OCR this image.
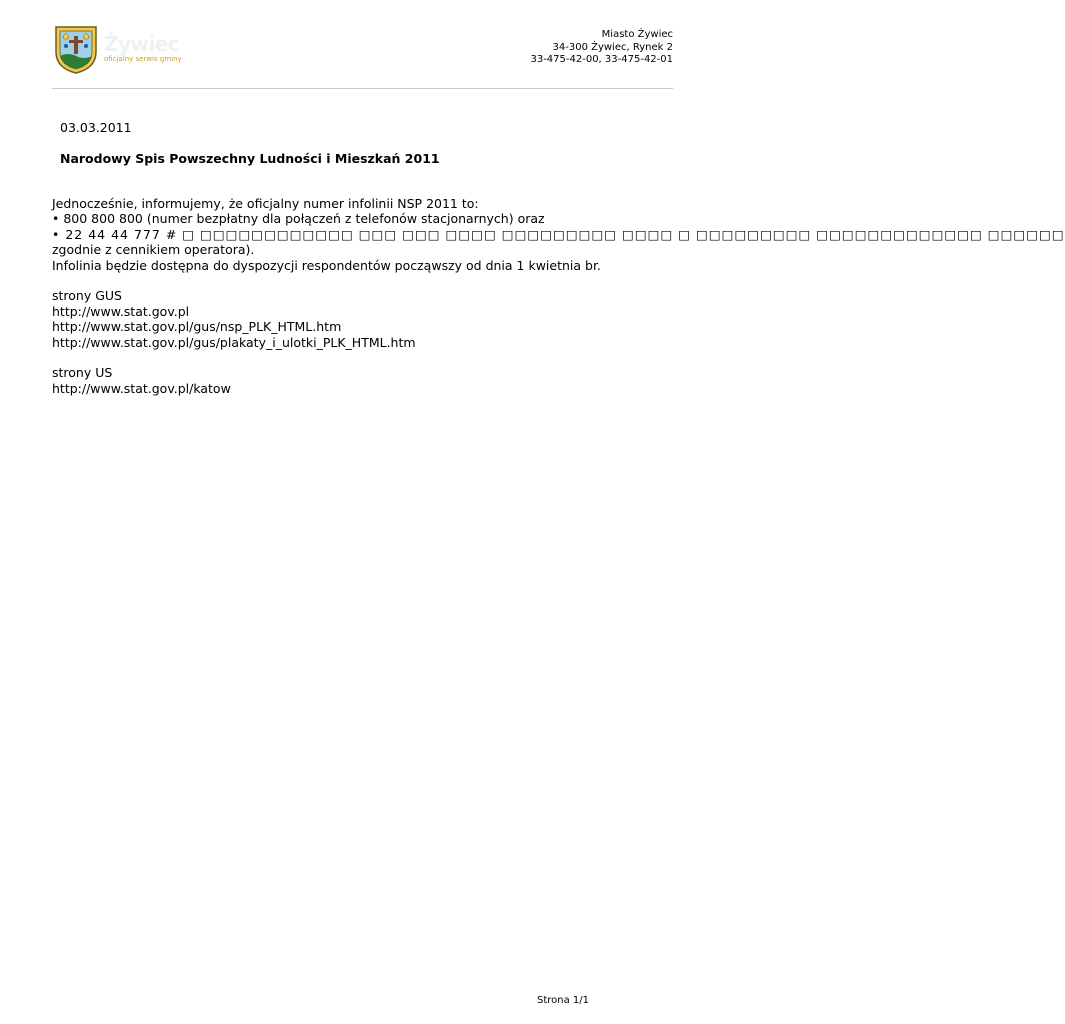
Żywiec
oficjalny serwis gminy
Miasto Żywiec
34-300 Żywiec, Rynek 2
33-475-42-00, 33-475-42-01
03.03.2011
Narodowy Spis Powszechny Ludności i Mieszkań 2011
Jednocześnie, informujemy, że oficjalny numer infolinii NSP 2011 to:
• 800 800 800 (numer bezpłatny dla połączeń z telefonów stacjonarnych) oraz
• 22 44 44 777 # □ □□□□□□□□□□□□ □□□ □□□ □□□□ □□□□□□□□□ □□□□ □ □□□□□□□□□ □□□□□□□□□□□□□ □□□□□□
zgodnie z cennikiem operatora).
Infolinia będzie dostępna do dyspozycji respondentów począwszy od dnia 1 kwietnia br.
strony GUS
http://www.stat.gov.pl
http://www.stat.gov.pl/gus/nsp_PLK_HTML.htm
http://www.stat.gov.pl/gus/plakaty_i_ulotki_PLK_HTML.htm
strony US
http://www.stat.gov.pl/katow
Strona 1/1
